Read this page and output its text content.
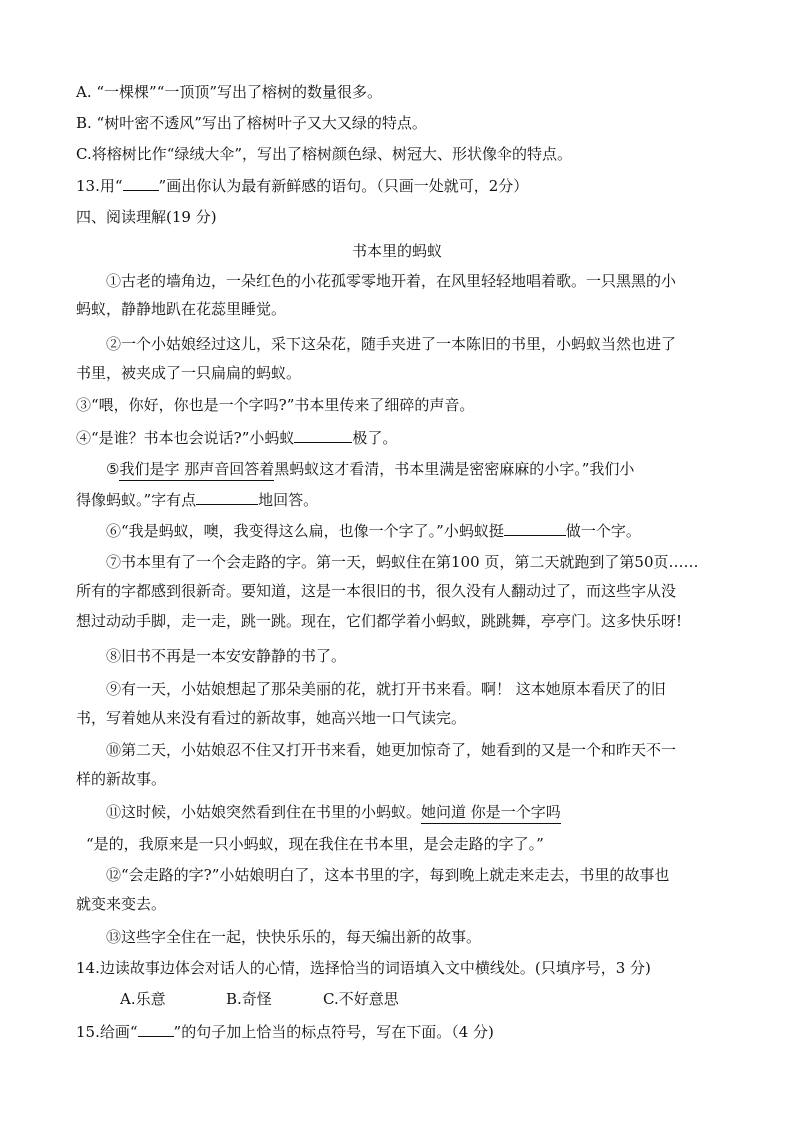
A. “一棵棵”“一顶顶”写出了榕树的数量很多。
B. “树叶密不透风”写出了榕树叶子又大又绿的特点。
C.将榕树比作“绿绒大伞”，写出了榕树颜色绿、树冠大、形状像伞的特点。
13.用“ ”画出你认为最有新鲜感的语句。（只画一处就可，2分）
四、阅读理解(19 分)
书本里的蚂蚁
①古老的墙角边，一朵红色的小花孤零零地开着，在风里轻轻地唱着歌。一只黑黑的小
蚂蚁，静静地趴在花蕊里睡觉。
②一个小姑娘经过这儿，采下这朵花，随手夹进了一本陈旧的书里，小蚂蚁当然也进了
书里，被夹成了一只扁扁的蚂蚁。
③“喂，你好，你也是一个字吗?”书本里传来了细碎的声音。
④“是谁？书本也会说话?”小蚂蚁	极了。
⑤我们是字 那声音回答着黑蚂蚁这才看清，书本里满是密密麻麻的小字。”我们小
得像蚂蚁。”字有点	地回答。
⑥“我是蚂蚁，噢，我变得这么扁，也像一个字了。”小蚂蚁挺	做一个字。
⑦书本里有了一个会走路的字。第一天，蚂蚁住在第100 页，第二天就跑到了第50页……
所有的字都感到很新奇。要知道，这是一本很旧的书，很久没有人翻动过了，而这些字从没
想过动动手脚，走一走，跳一跳。现在，它们都学着小蚂蚁，跳跳舞，亭亭门。这多快乐呀!
⑧旧书不再是一本安安静静的书了。
⑨有一天，小姑娘想起了那朵美丽的花，就打开书来看。啊！ 这本她原本看厌了的旧
书，写着她从来没有看过的新故事，她高兴地一口气读完。
⑩第二天，小姑娘忍不住又打开书来看，她更加惊奇了，她看到的又是一个和昨天不一
样的新故事。
⑪这时候，小姑娘突然看到住在书里的小蚂蚁。她问道 你是一个字吗
“是的，我原来是一只小蚂蚁，现在我住在书本里，是会走路的字了。”
⑫“会走路的字?”小姑娘明白了，这本书里的字，每到晚上就走来走去，书里的故事也
就变来变去。
⑬这些字全住在一起，快快乐乐的，每天编出新的故事。
14.边读故事边体会对话人的心情，选择恰当的词语填入文中横线处。(只填序号，3 分)
A.乐意	B.奇怪	C.不好意思
15.给画“ ”的句子加上恰当的标点符号，写在下面。（4 分)
